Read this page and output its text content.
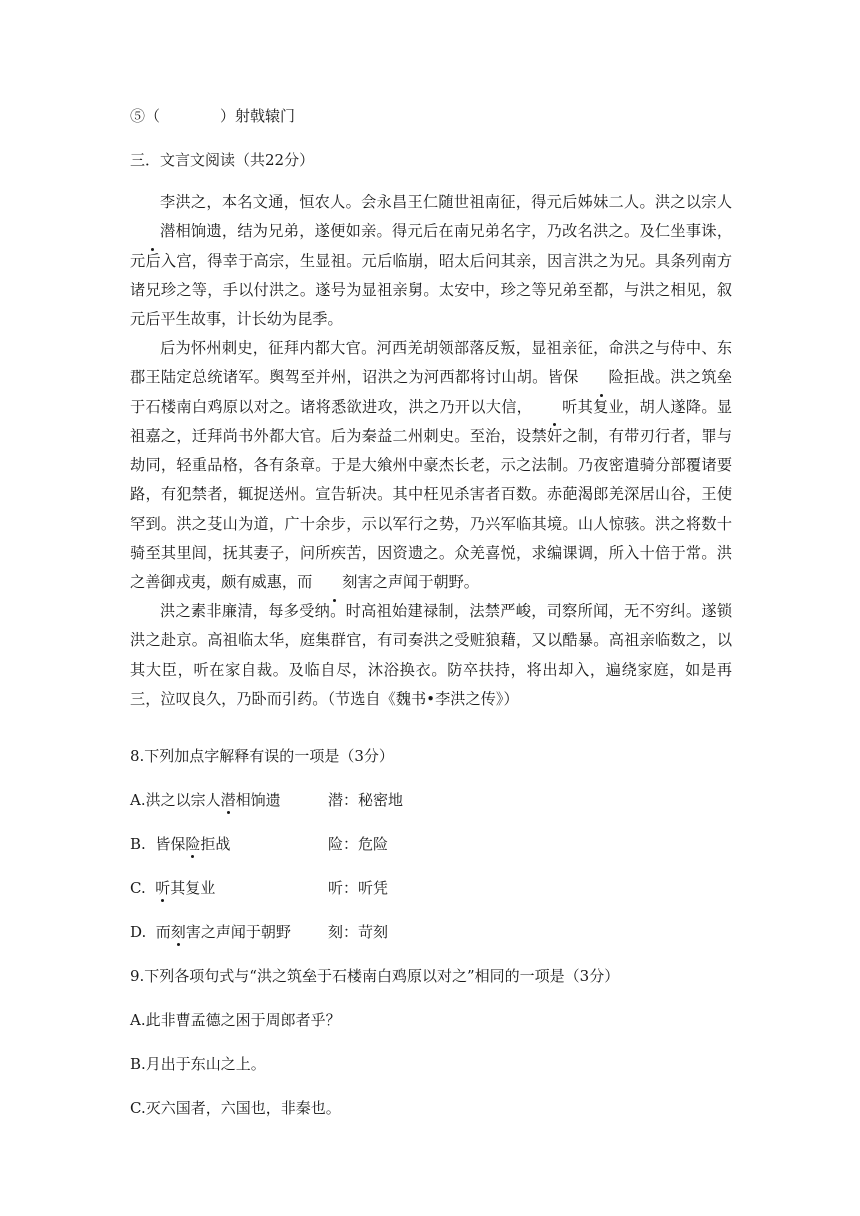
⑤（　　　　）射戟辕门
三．文言文阅读（共22分）
李洪之，本名文通，恒农人。会永昌王仁随世祖南征，得元后姊妹二人。洪之以宗人潜相饷遗，结为兄弟，遂便如亲。得元后在南兄弟名字，乃改名洪之。及仁坐事诛，元后入宫，得幸于高宗，生显祖。元后临崩，昭太后问其亲，因言洪之为兄。具条列南方诸兄珍之等，手以付洪之。遂号为显祖亲舅。太安中，珍之等兄弟至都，与洪之相见，叙元后平生故事，计长幼为昆季。
后为怀州刺史，征拜内都大官。河西羌胡领部落反叛，显祖亲征，命洪之与侍中、东郡王陆定总统诸军。舆驾至并州，诏洪之为河西都将讨山胡。皆保 险拒战。洪之筑垒于石楼南白鸡原以对之。诸将悉欲进攻，洪之乃开以大信， 听其复业，胡人遂降。显祖嘉之，迁拜尚书外都大官。后为秦益二州刺史。至治，设禁奸之制，有带刃行者，罪与劫同，轻重品格，各有条章。于是大飨州中豪杰长老，示之法制。乃夜密遣骑分部覆诸要路，有犯禁者，辄捉送州。宣告斩决。其中枉见杀害者百数。赤葩渴郎羌深居山谷，王使罕到。洪之芟山为道，广十余步，示以军行之势，乃兴军临其境。山人惊骇。洪之将数十骑至其里闾，抚其妻子，问所疾苦，因资遗之。众羌喜悦，求编课调，所入十倍于常。洪之善御戎夷，颇有威惠，而 刻害之声闻于朝野。
洪之素非廉清，每多受纳。时高祖始建禄制，法禁严峻，司察所闻，无不穷纠。遂锁洪之赴京。高祖临太华，庭集群官，有司奏洪之受赃狼藉，又以酷暴。高祖亲临数之，以其大臣，听在家自裁。及临自尽，沐浴换衣。防卒扶持，将出却入，遍绕家庭，如是再三，泣叹良久，乃卧而引药。（节选自《魏书•李洪之传》）
8.下列加点字解释有误的一项是（3分）
A.洪之以宗人潜相饷遗	潜：秘密地
B.  皆保险拒战	险：危险
C.  听其复业	听：听凭
D.  而刻害之声闻于朝野 刻：苛刻
9.下列各项句式与“洪之筑垒于石楼南白鸡原以对之”相同的一项是（3分）
A.此非曹孟德之困于周郎者乎？
B.月出于东山之上。
C.灭六国者，六国也，非秦也。
